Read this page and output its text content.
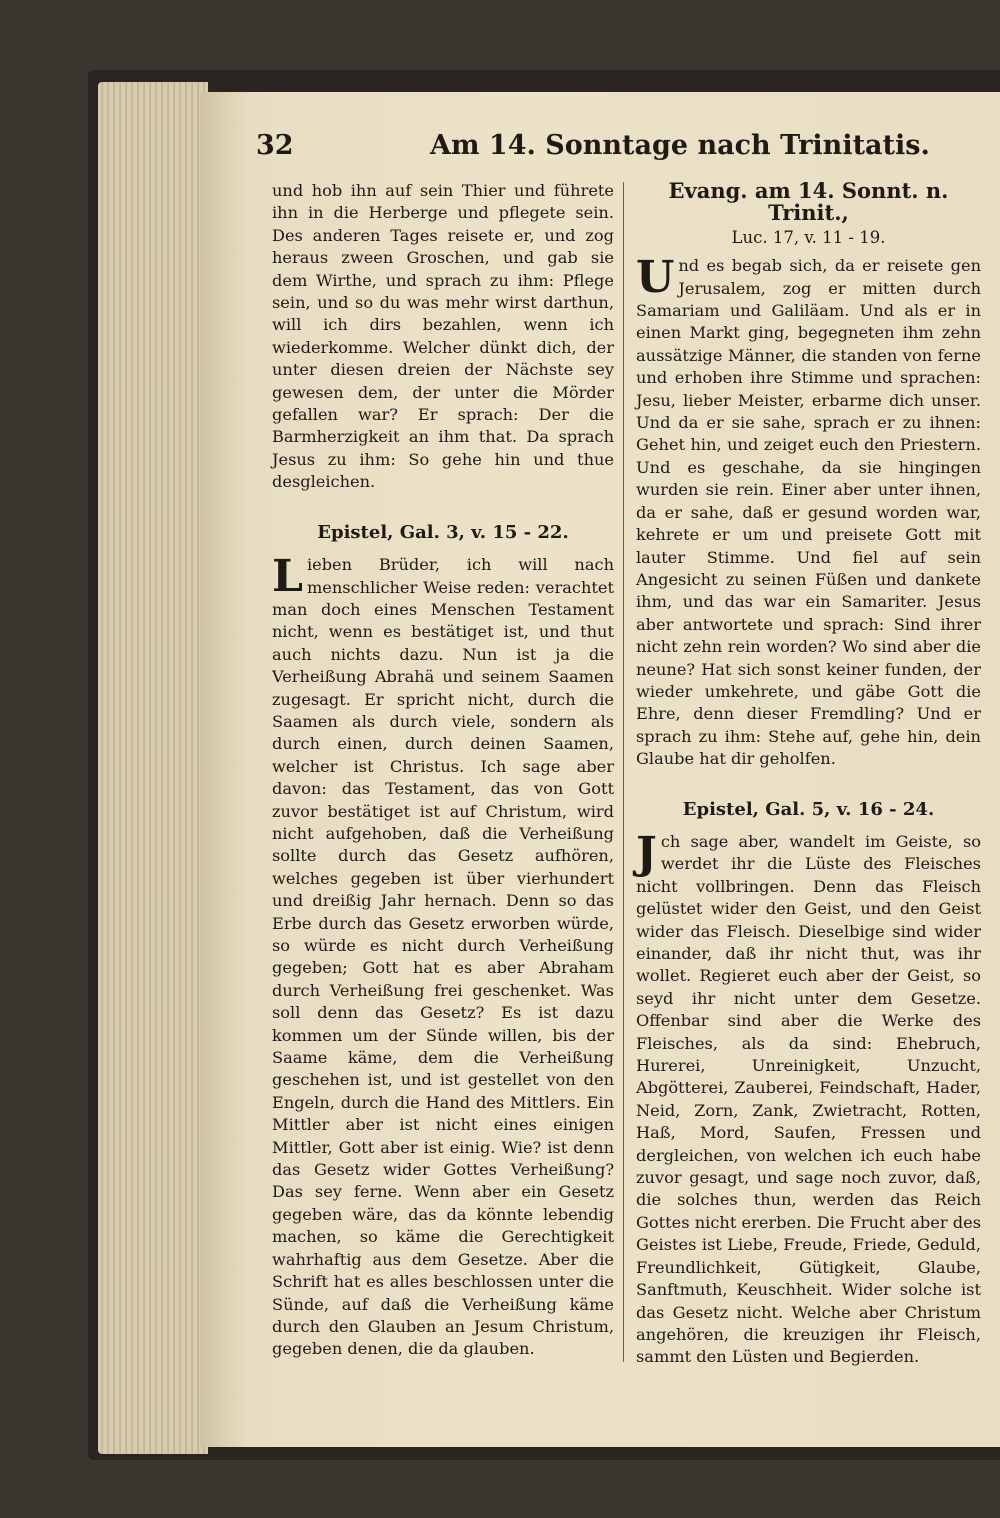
32	Am 14. Sonntage nach Trinitatis.

und hob ihn auf sein Thier und führete ihn in die Herberge und pflegete sein. Des anderen Tages reisete er, und zog heraus zween Groschen, und gab sie dem Wirthe, und sprach zu ihm: Pflege sein, und so du was mehr wirst darthun, will ich dirs bezahlen, wenn ich wiederkomme. Welcher dünkt dich, der unter diesen dreien der Nächste sey gewesen dem, der unter die Mörder gefallen war? Er sprach: Der die Barmherzigkeit an ihm that. Da sprach Jesus zu ihm: So gehe hin und thue desgleichen.

Epistel, Gal. 3, v. 15 - 22.

L ieben Brüder, ich will nach menschlicher Weise reden: verachtet man doch eines Menschen Testament nicht, wenn es bestätiget ist, und thut auch nichts dazu. Nun ist ja die Verheißung Abrahä und seinem Saamen zugesagt. Er spricht nicht, durch die Saamen als durch viele, sondern als durch einen, durch deinen Saamen, welcher ist Christus. Ich sage aber davon: das Testament, das von Gott zuvor bestätiget ist auf Christum, wird nicht aufgehoben, daß die Verheißung sollte durch das Gesetz aufhören, welches gegeben ist über vierhundert und dreißig Jahr hernach. Denn so das Erbe durch das Gesetz erworben würde, so würde es nicht durch Verheißung gegeben; Gott hat es aber Abraham durch Verheißung frei geschenket. Was soll denn das Gesetz? Es ist dazu kommen um der Sünde willen, bis der Saame käme, dem die Verheißung geschehen ist, und ist gestellet von den Engeln, durch die Hand des Mittlers. Ein Mittler aber ist nicht eines einigen Mittler, Gott aber ist einig. Wie? ist denn das Gesetz wider Gottes Verheißung? Das sey ferne. Wenn aber ein Gesetz gegeben wäre, das da könnte lebendig machen, so käme die Gerechtigkeit wahrhaftig aus dem Gesetze. Aber die Schrift hat es alles beschlossen unter die Sünde, auf daß die Verheißung käme durch den Glauben an Jesum Christum, gegeben denen, die da glauben.

Evang. am 14. Sonnt. n. Trinit.,
Luc. 17, v. 11 - 19.

U nd es begab sich, da er reisete gen Jerusalem, zog er mitten durch Samariam und Galiläam. Und als er in einen Markt ging, begegneten ihm zehn aussätzige Männer, die standen von ferne und erhoben ihre Stimme und sprachen: Jesu, lieber Meister, erbarme dich unser. Und da er sie sahe, sprach er zu ihnen: Gehet hin, und zeiget euch den Priestern. Und es geschahe, da sie hingingen wurden sie rein. Einer aber unter ihnen, da er sahe, daß er gesund worden war, kehrete er um und preisete Gott mit lauter Stimme. Und fiel auf sein Angesicht zu seinen Füßen und dankete ihm, und das war ein Samariter. Jesus aber antwortete und sprach: Sind ihrer nicht zehn rein worden? Wo sind aber die neune? Hat sich sonst keiner funden, der wieder umkehrete, und gäbe Gott die Ehre, denn dieser Fremdling? Und er sprach zu ihm: Stehe auf, gehe hin, dein Glaube hat dir geholfen.

Epistel, Gal. 5, v. 16 - 24.

J ch sage aber, wandelt im Geiste, so werdet ihr die Lüste des Fleisches nicht vollbringen. Denn das Fleisch gelüstet wider den Geist, und den Geist wider das Fleisch. Dieselbige sind wider einander, daß ihr nicht thut, was ihr wollet. Regieret euch aber der Geist, so seyd ihr nicht unter dem Gesetze. Offenbar sind aber die Werke des Fleisches, als da sind: Ehebruch, Hurerei, Unreinigkeit, Unzucht, Abgötterei, Zauberei, Feindschaft, Hader, Neid, Zorn, Zank, Zwietracht, Rotten, Haß, Mord, Saufen, Fressen und dergleichen, von welchen ich euch habe zuvor gesagt, und sage noch zuvor, daß, die solches thun, werden das Reich Gottes nicht ererben. Die Frucht aber des Geistes ist Liebe, Freude, Friede, Geduld, Freundlichkeit, Gütigkeit, Glaube, Sanftmuth, Keuschheit. Wider solche ist das Gesetz nicht. Welche aber Christum angehören, die kreuzigen ihr Fleisch, sammt den Lüsten und Begierden.
